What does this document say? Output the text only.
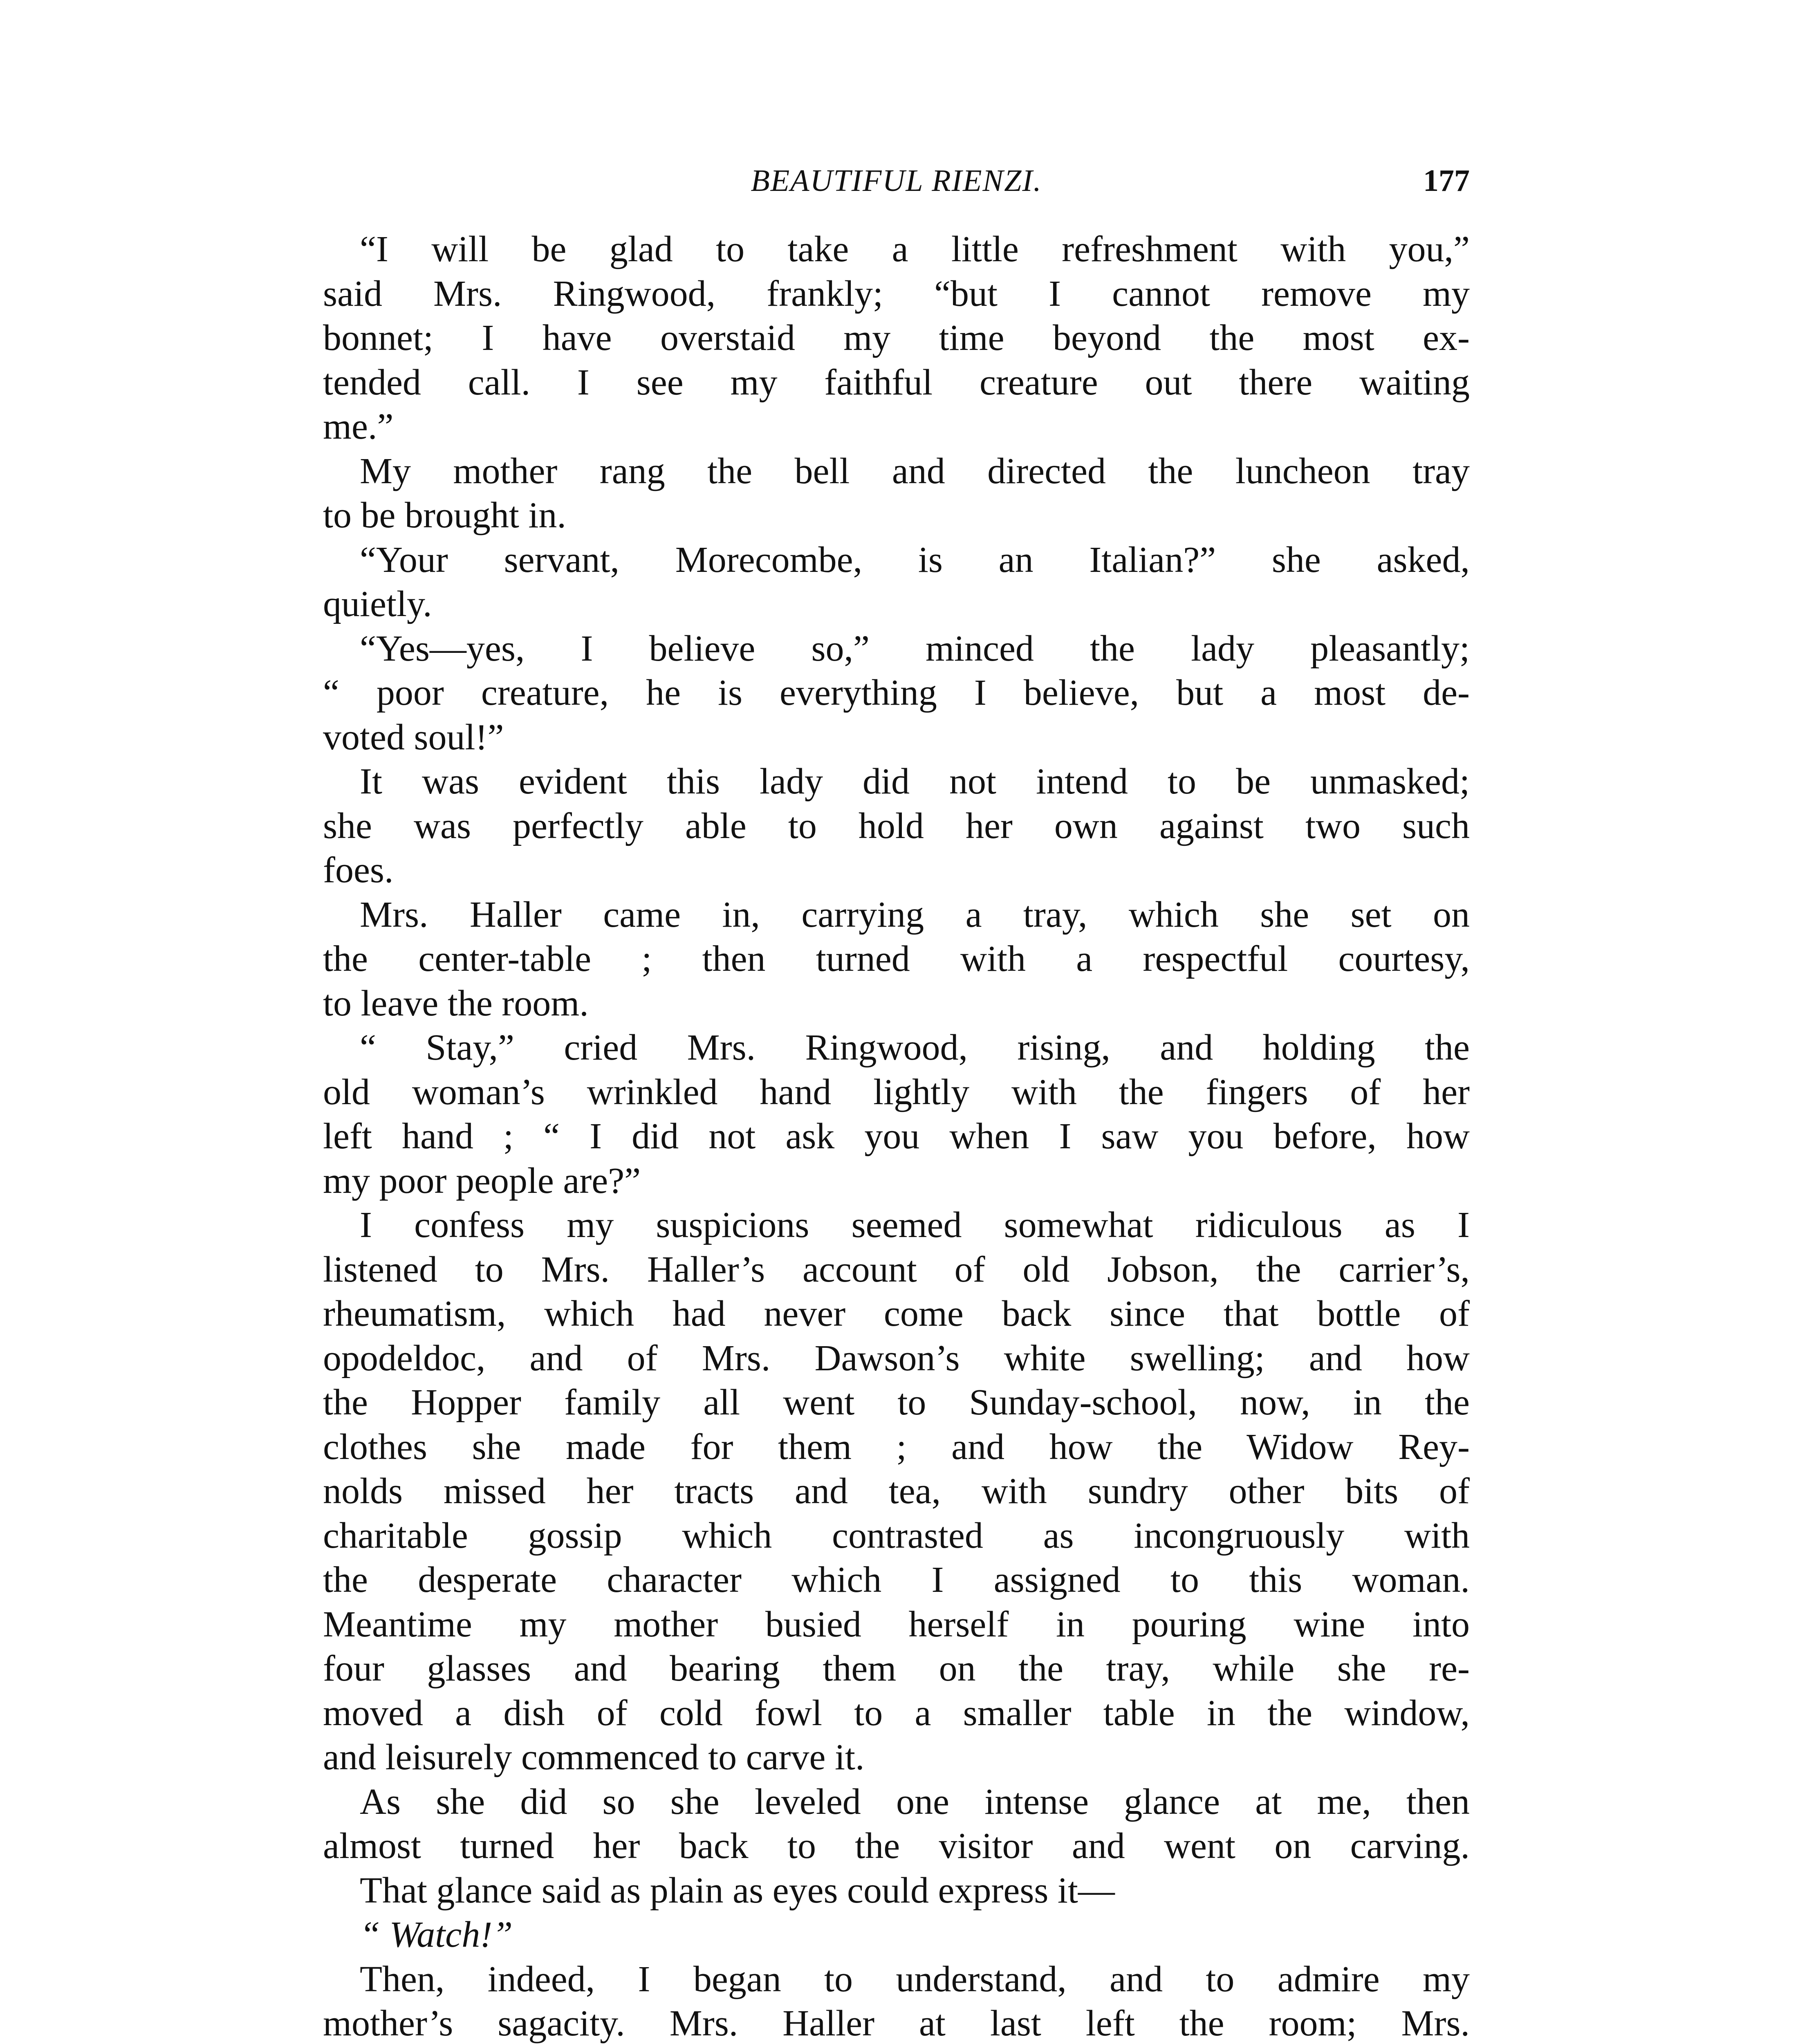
BEAUTIFUL RIENZI.	177
“I will be glad to take a little refreshment with you,”
said Mrs. Ringwood, frankly; “but I cannot remove my
bonnet; I have overstaid my time beyond the most ex-
tended call. I see my faithful creature out there waiting
me.”
My mother rang the bell and directed the luncheon tray
to be brought in.
“Your servant, Morecombe, is an Italian?” she asked,
quietly.
“Yes—yes, I believe so,” minced the lady pleasantly;
“ poor creature, he is everything I believe, but a most de-
voted soul!”
It was evident this lady did not intend to be unmasked;
she was perfectly able to hold her own against two such
foes.
Mrs. Haller came in, carrying a tray, which she set on
the center-table ; then turned with a respectful courtesy,
to leave the room.
“ Stay,” cried Mrs. Ringwood, rising, and holding the
old woman’s wrinkled hand lightly with the fingers of her
left hand ; “ I did not ask you when I saw you before, how
my poor people are?”
I confess my suspicions seemed somewhat ridiculous as I
listened to Mrs. Haller’s account of old Jobson, the carrier’s,
rheumatism, which had never come back since that bottle of
opodeldoc, and of Mrs. Dawson’s white swelling; and how
the Hopper family all went to Sunday-school, now, in the
clothes she made for them ; and how the Widow Rey-
nolds missed her tracts and tea, with sundry other bits of
charitable gossip which contrasted as incongruously with
the desperate character which I assigned to this woman.
Meantime my mother busied herself in pouring wine into
four glasses and bearing them on the tray, while she re-
moved a dish of cold fowl to a smaller table in the window,
and leisurely commenced to carve it.
As she did so she leveled one intense glance at me, then
almost turned her back to the visitor and went on carving.
That glance said as plain as eyes could express it—
“ Watch!”
Then, indeed, I began to understand, and to admire my
mother’s sagacity. Mrs. Haller at last left the room; Mrs.
